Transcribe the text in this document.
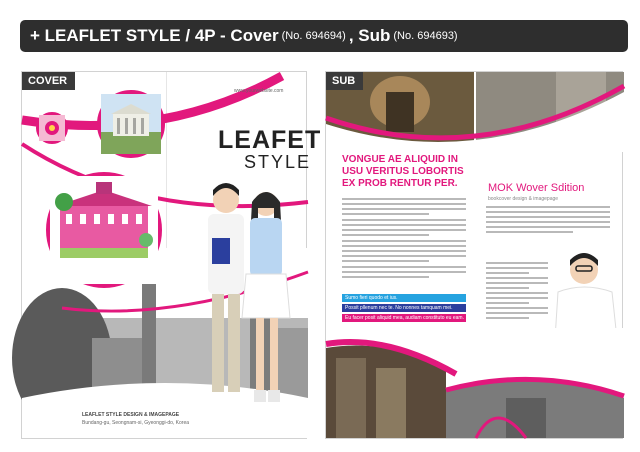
+ LEAFLET STYLE / 4P - Cover (No. 694694) , Sub (No. 694693)
COVER
www.yourwebsite.com
LEAFET
STYLE
LEAFLET STYLE DESIGN & IMAGEPAGE
Bundang-gu, Seongnam-si, Gyeonggi-do, Korea
SUB
VONGUE AE ALIQUID IN USU VERITUS LOBORTIS EX PROB RENTUR PER.
Sumo fieri quodo et ius.
Possit pllenum nec te. No nonnes tamquam mei.
Eu facer posit aliquid mea, audiam constituto eu eam.
MOK Wover Sdition
bookcover design & imagepage
